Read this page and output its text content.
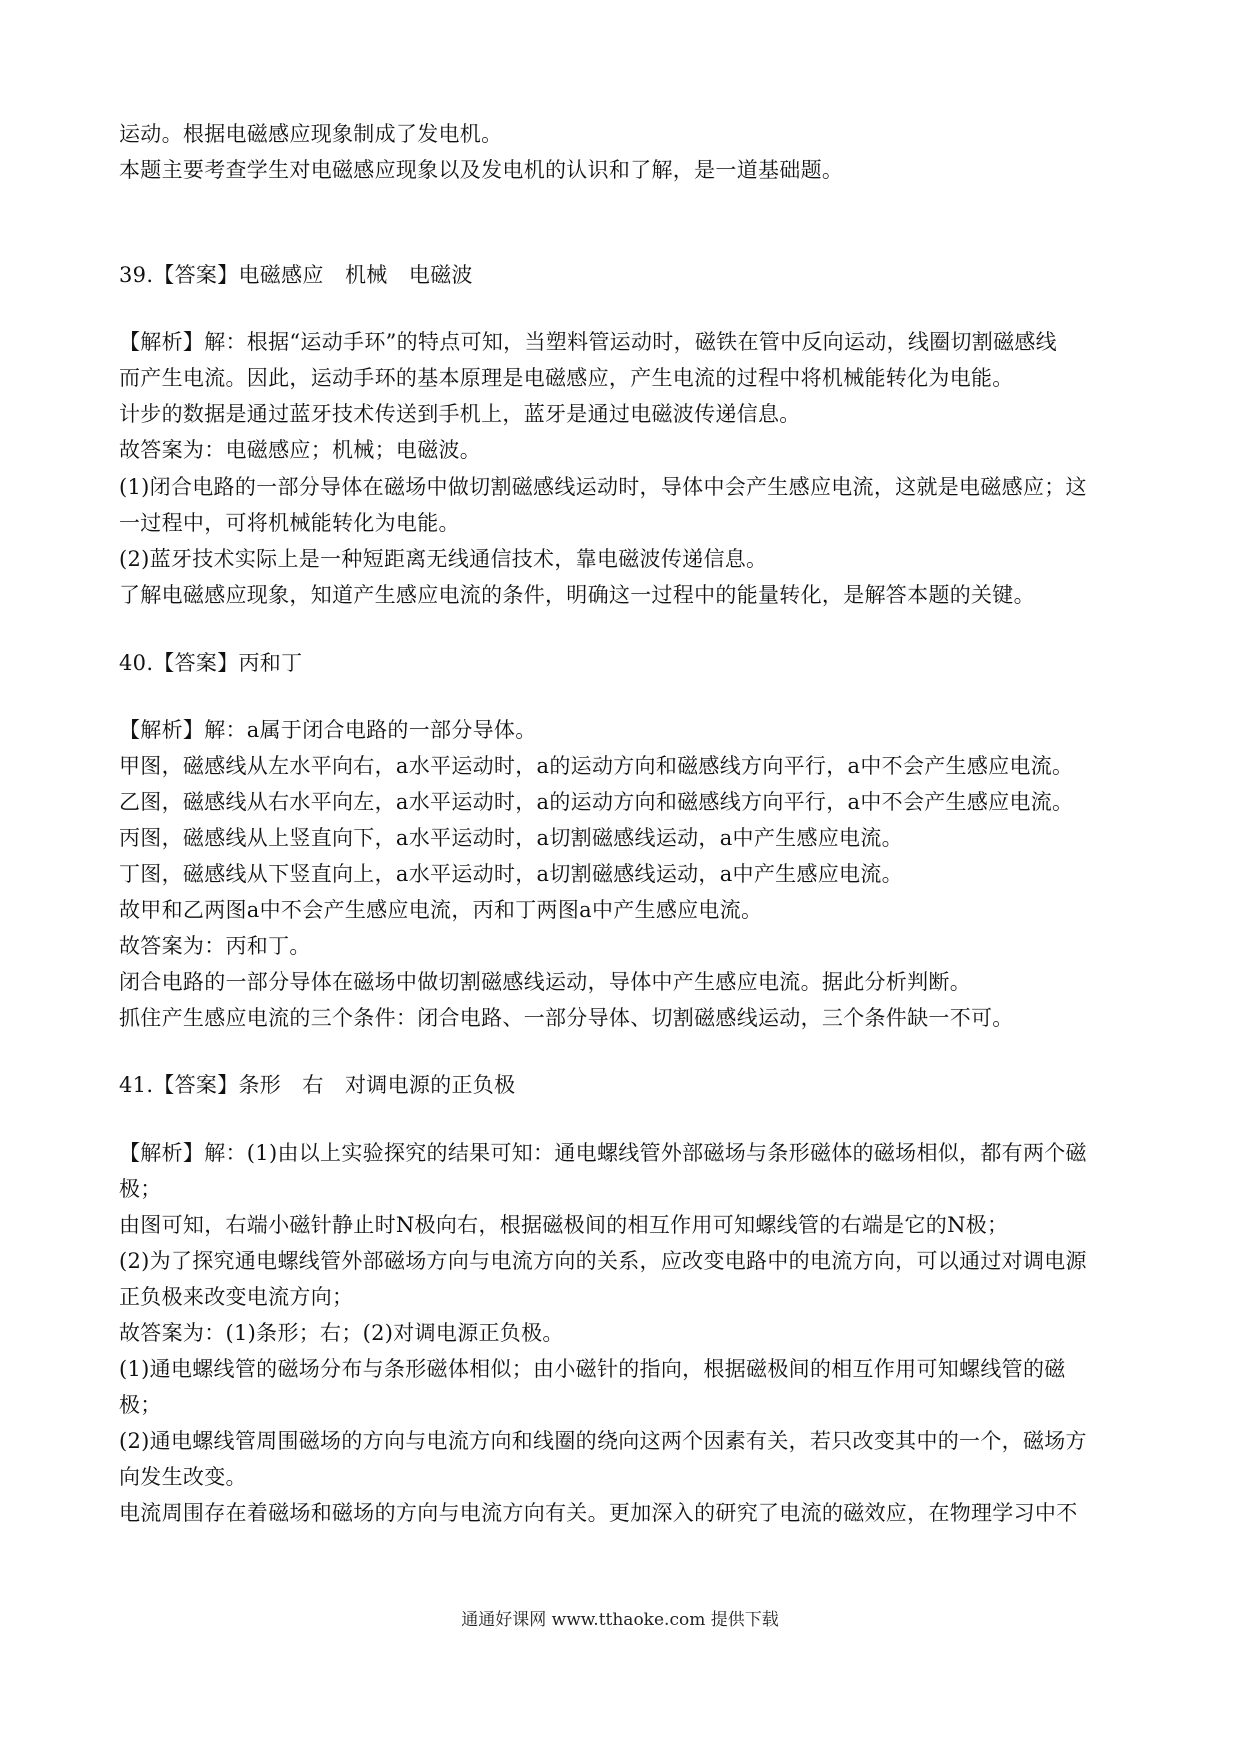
运动。根据电磁感应现象制成了发电机。
本题主要考查学生对电磁感应现象以及发电机的认识和了解，是一道基础题。
39.【答案】电磁感应　机械　电磁波
【解析】解：根据“运动手环”的特点可知，当塑料管运动时，磁铁在管中反向运动，线圈切割磁感线
而产生电流。因此，运动手环的基本原理是电磁感应，产生电流的过程中将机械能转化为电能。
计步的数据是通过蓝牙技术传送到手机上，蓝牙是通过电磁波传递信息。
故答案为：电磁感应；机械；电磁波。
(1)闭合电路的一部分导体在磁场中做切割磁感线运动时，导体中会产生感应电流，这就是电磁感应；这
一过程中，可将机械能转化为电能。
(2)蓝牙技术实际上是一种短距离无线通信技术，靠电磁波传递信息。
了解电磁感应现象，知道产生感应电流的条件，明确这一过程中的能量转化，是解答本题的关键。
40.【答案】丙和丁
【解析】解：a属于闭合电路的一部分导体。
甲图，磁感线从左水平向右，a水平运动时，a的运动方向和磁感线方向平行，a中不会产生感应电流。
乙图，磁感线从右水平向左，a水平运动时，a的运动方向和磁感线方向平行，a中不会产生感应电流。
丙图，磁感线从上竖直向下，a水平运动时，a切割磁感线运动，a中产生感应电流。
丁图，磁感线从下竖直向上，a水平运动时，a切割磁感线运动，a中产生感应电流。
故甲和乙两图a中不会产生感应电流，丙和丁两图a中产生感应电流。
故答案为：丙和丁。
闭合电路的一部分导体在磁场中做切割磁感线运动，导体中产生感应电流。据此分析判断。
抓住产生感应电流的三个条件：闭合电路、一部分导体、切割磁感线运动，三个条件缺一不可。
41.【答案】条形　右　对调电源的正负极
【解析】解：(1)由以上实验探究的结果可知：通电螺线管外部磁场与条形磁体的磁场相似，都有两个磁
极；
由图可知，右端小磁针静止时N极向右，根据磁极间的相互作用可知螺线管的右端是它的N极；
(2)为了探究通电螺线管外部磁场方向与电流方向的关系，应改变电路中的电流方向，可以通过对调电源
正负极来改变电流方向；
故答案为：(1)条形；右；(2)对调电源正负极。
(1)通电螺线管的磁场分布与条形磁体相似；由小磁针的指向，根据磁极间的相互作用可知螺线管的磁
极；
(2)通电螺线管周围磁场的方向与电流方向和线圈的绕向这两个因素有关，若只改变其中的一个，磁场方
向发生改变。
电流周围存在着磁场和磁场的方向与电流方向有关。更加深入的研究了电流的磁效应，在物理学习中不
通通好课网 www.tthaoke.com 提供下载
